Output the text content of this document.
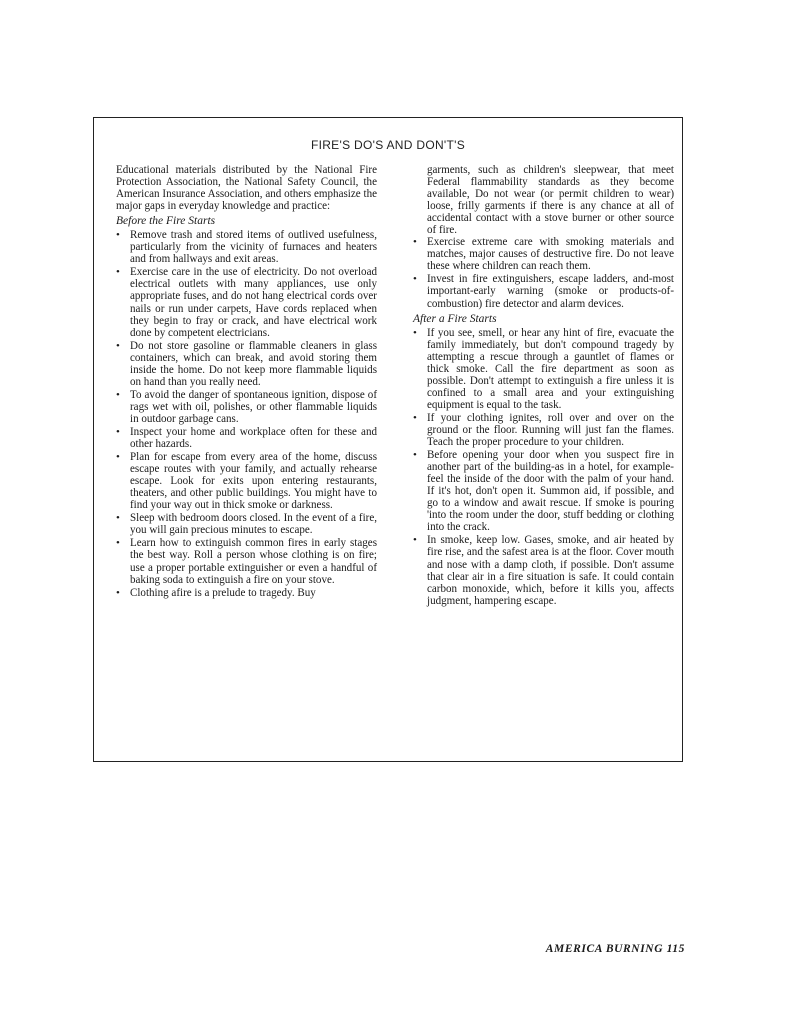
FIRE'S DO'S AND DON'T'S

Educational materials distributed by the National Fire Protection Association, the National Safety Council, the American Insurance Association, and others emphasize the major gaps in everyday knowledge and practice:

Before the Fire Starts
• Remove trash and stored items of outlived usefulness, particularly from the vicinity of furnaces and heaters and from hallways and exit areas.
• Exercise care in the use of electricity. Do not overload electrical outlets with many appliances, use only appropriate fuses, and do not hang electrical cords over nails or run under carpets, Have cords replaced when they begin to fray or crack, and have electrical work done by competent electricians.
• Do not store gasoline or flammable cleaners in glass containers, which can break, and avoid storing them inside the home. Do not keep more flammable liquids on hand than you really need.
• To avoid the danger of spontaneous ignition, dispose of rags wet with oil, polishes, or other flammable liquids in outdoor garbage cans.
• Inspect your home and workplace often for these and other hazards.
• Plan for escape from every area of the home, discuss escape routes with your family, and actually rehearse escape. Look for exits upon entering restaurants, theaters, and other public buildings. You might have to find your way out in thick smoke or darkness.
• Sleep with bedroom doors closed. In the event of a fire, you will gain precious minutes to escape.
• Learn how to extinguish common fires in early stages the best way. Roll a person whose clothing is on fire; use a proper portable extinguisher or even a handful of baking soda to extinguish a fire on your stove.
• Clothing afire is a prelude to tragedy. Buy

garments, such as children's sleepwear, that meet Federal flammability standards as they become available, Do not wear (or permit children to wear) loose, frilly garments if there is any chance at all of accidental contact with a stove burner or other source of fire.

• Exercise extreme care with smoking materials and matches, major causes of destructive fire. Do not leave these where children can reach them.
• Invest in fire extinguishers, escape ladders, and-most important-early warning (smoke or products-of-combustion) fire detector and alarm devices.
After a Fire Starts
• If you see, smell, or hear any hint of fire, evacuate the family immediately, but don't compound tragedy by attempting a rescue through a gauntlet of flames or thick smoke. Call the fire department as soon as possible. Don't attempt to extinguish a fire unless it is confined to a small area and your extinguishing equipment is equal to the task.
• If your clothing ignites, roll over and over on the ground or the floor. Running will just fan the flames. Teach the proper procedure to your children.
• Before opening your door when you suspect fire in another part of the building-as in a hotel, for example-feel the inside of the door with the palm of your hand. If it's hot, don't open it. Summon aid, if possible, and go to a window and await rescue. If smoke is pouring 'into the room under the door, stuff bedding or clothing into the crack.
• In smoke, keep low. Gases, smoke, and air heated by fire rise, and the safest area is at the floor. Cover mouth and nose with a damp cloth, if possible. Don't assume that clear air in a fire situation is safe. It could contain carbon monoxide, which, before it kills you, affects judgment, hampering escape.
AMERICA BURNING 115
